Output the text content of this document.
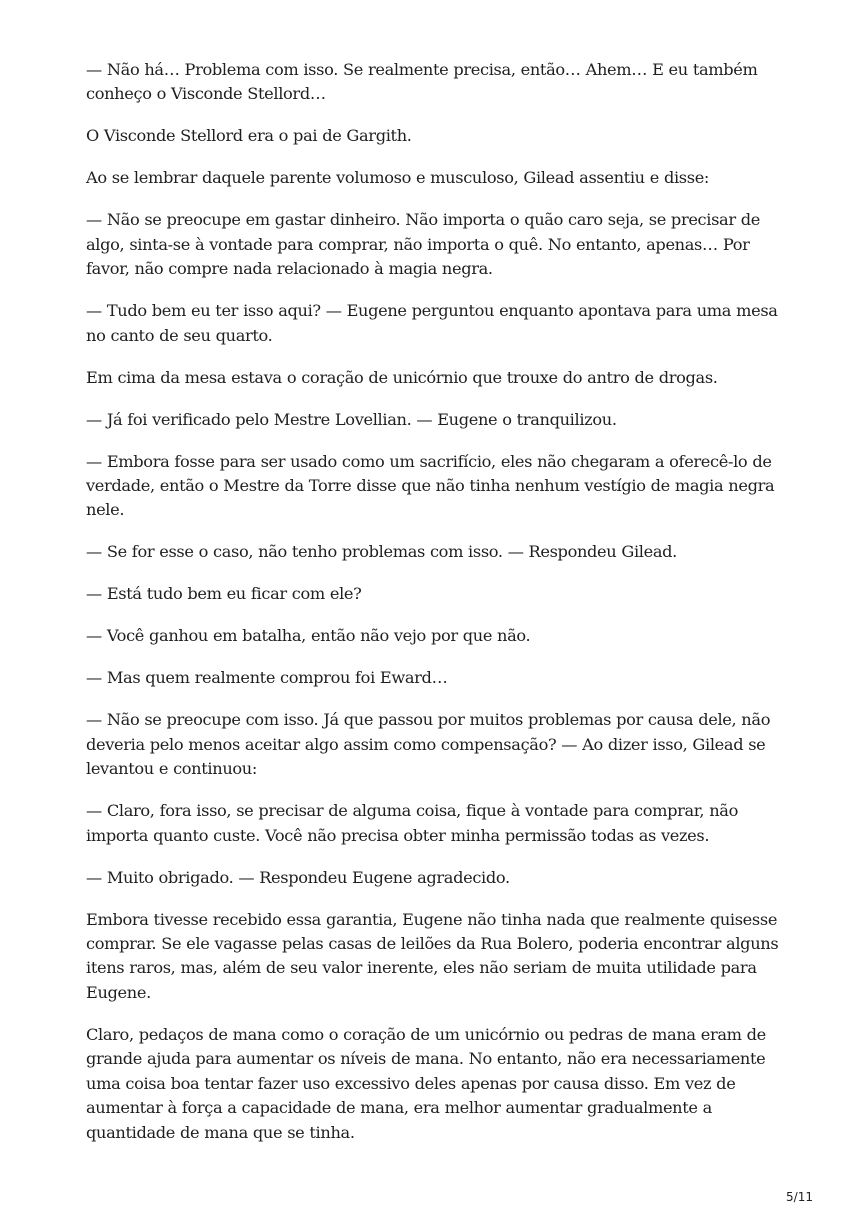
— Não há… Problema com isso. Se realmente precisa, então… Ahem… E eu também conheço o Visconde Stellord…

O Visconde Stellord era o pai de Gargith.

Ao se lembrar daquele parente volumoso e musculoso, Gilead assentiu e disse:

— Não se preocupe em gastar dinheiro. Não importa o quão caro seja, se precisar de algo, sinta-se à vontade para comprar, não importa o quê. No entanto, apenas… Por favor, não compre nada relacionado à magia negra.

— Tudo bem eu ter isso aqui? — Eugene perguntou enquanto apontava para uma mesa no canto de seu quarto.

Em cima da mesa estava o coração de unicórnio que trouxe do antro de drogas.

— Já foi verificado pelo Mestre Lovellian. — Eugene o tranquilizou.

— Embora fosse para ser usado como um sacrifício, eles não chegaram a oferecê-lo de verdade, então o Mestre da Torre disse que não tinha nenhum vestígio de magia negra nele.

— Se for esse o caso, não tenho problemas com isso. — Respondeu Gilead.

— Está tudo bem eu ficar com ele?

— Você ganhou em batalha, então não vejo por que não.

— Mas quem realmente comprou foi Eward…

— Não se preocupe com isso. Já que passou por muitos problemas por causa dele, não deveria pelo menos aceitar algo assim como compensação? — Ao dizer isso, Gilead se levantou e continuou:

— Claro, fora isso, se precisar de alguma coisa, fique à vontade para comprar, não importa quanto custe. Você não precisa obter minha permissão todas as vezes.

— Muito obrigado. — Respondeu Eugene agradecido.

Embora tivesse recebido essa garantia, Eugene não tinha nada que realmente quisesse comprar. Se ele vagasse pelas casas de leilões da Rua Bolero, poderia encontrar alguns itens raros, mas, além de seu valor inerente, eles não seriam de muita utilidade para Eugene.

Claro, pedaços de mana como o coração de um unicórnio ou pedras de mana eram de grande ajuda para aumentar os níveis de mana. No entanto, não era necessariamente uma coisa boa tentar fazer uso excessivo deles apenas por causa disso. Em vez de aumentar à força a capacidade de mana, era melhor aumentar gradualmente a quantidade de mana que se tinha.

5/11
